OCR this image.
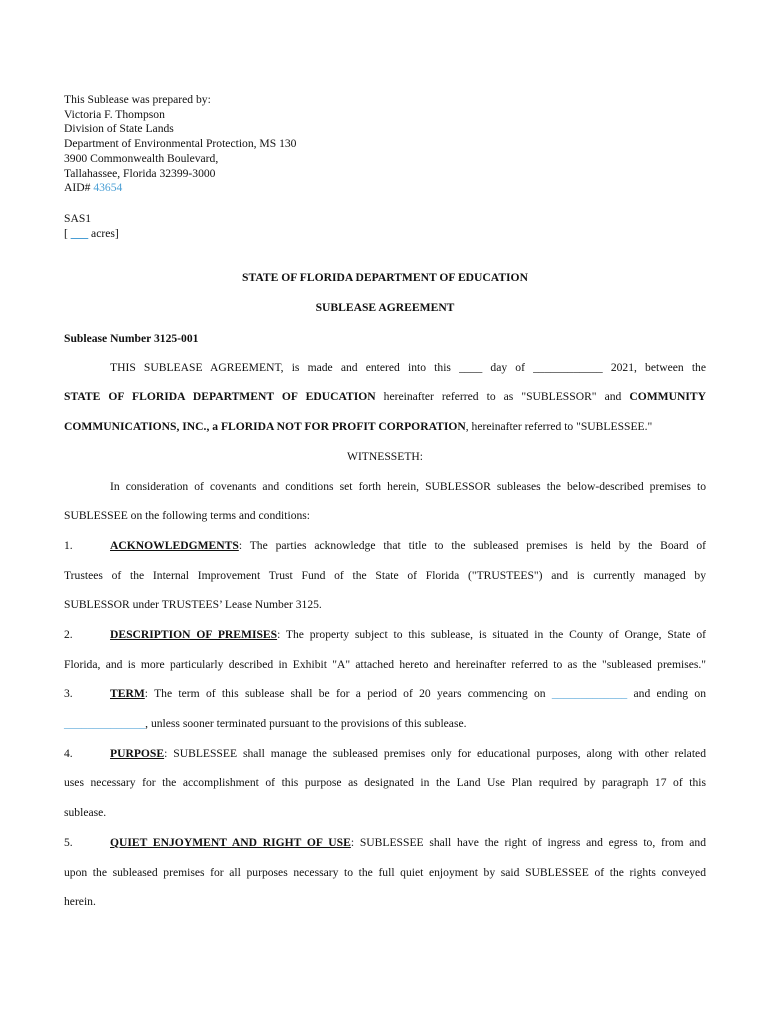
This Sublease was prepared by:
Victoria F. Thompson
Division of State Lands
Department of Environmental Protection, MS 130
3900 Commonwealth Boulevard,
Tallahassee, Florida 32399-3000
AID# 43654
SAS1
[ ___ acres]
STATE OF FLORIDA DEPARTMENT OF EDUCATION
SUBLEASE AGREEMENT
Sublease Number 3125-001
THIS SUBLEASE AGREEMENT, is made and entered into this ____ day of ____________ 2021, between the
STATE OF FLORIDA DEPARTMENT OF EDUCATION hereinafter referred to as "SUBLESSOR" and COMMUNITY
COMMUNICATIONS, INC., a FLORIDA NOT FOR PROFIT CORPORATION, hereinafter referred to "SUBLESSEE."
WITNESSETH:
In consideration of covenants and conditions set forth herein, SUBLESSOR subleases the below-described premises to
SUBLESSEE on the following terms and conditions:
1.	ACKNOWLEDGMENTS: The parties acknowledge that title to the subleased premises is held by the Board of
Trustees of the Internal Improvement Trust Fund of the State of Florida ("TRUSTEES") and is currently managed by
SUBLESSOR under TRUSTEES’ Lease Number 3125.
2.	DESCRIPTION OF PREMISES: The property subject to this sublease, is situated in the County of Orange, State of
Florida, and is more particularly described in Exhibit "A" attached hereto and hereinafter referred to as the "subleased premises."
3.	TERM: The term of this sublease shall be for a period of 20 years commencing on _____________ and ending on
______________, unless sooner terminated pursuant to the provisions of this sublease.
4.	PURPOSE: SUBLESSEE shall manage the subleased premises only for educational purposes, along with other related
uses necessary for the accomplishment of this purpose as designated in the Land Use Plan required by paragraph 17 of this
sublease.
5.	QUIET ENJOYMENT AND RIGHT OF USE: SUBLESSEE shall have the right of ingress and egress to, from and
upon the subleased premises for all purposes necessary to the full quiet enjoyment by said SUBLESSEE of the rights conveyed
herein.
